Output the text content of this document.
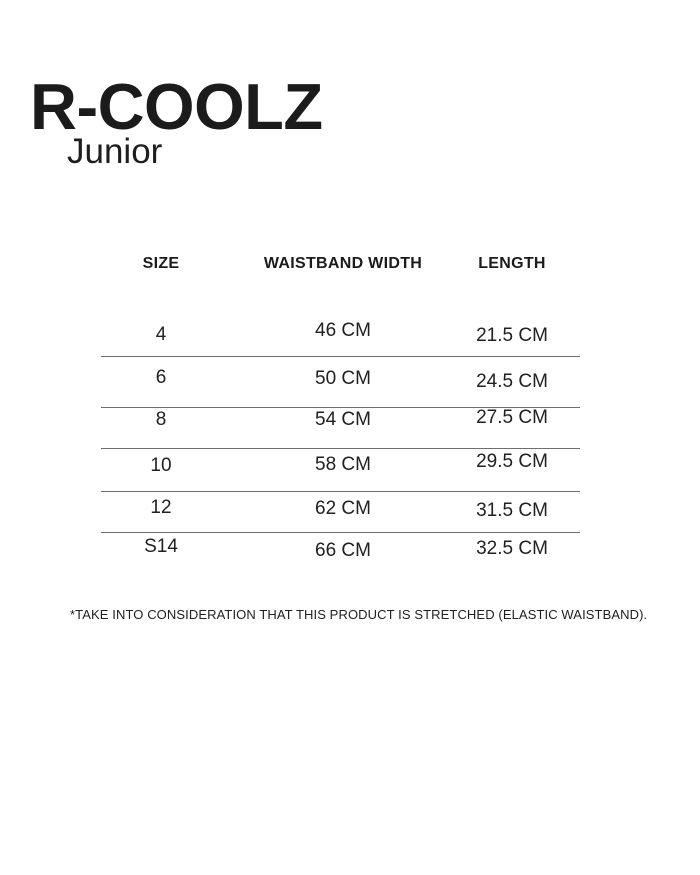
R-COOLZ
Junior
SIZE	WAISTBAND WIDTH	LENGTH
4	46 CM	21.5 CM
6	50 CM	24.5 CM
8	54 CM	27.5 CM
10	58 CM	29.5 CM
12	62 CM	31.5 CM
S14	66 CM	32.5 CM
*TAKE INTO CONSIDERATION THAT THIS PRODUCT IS STRETCHED (ELASTIC WAISTBAND).
